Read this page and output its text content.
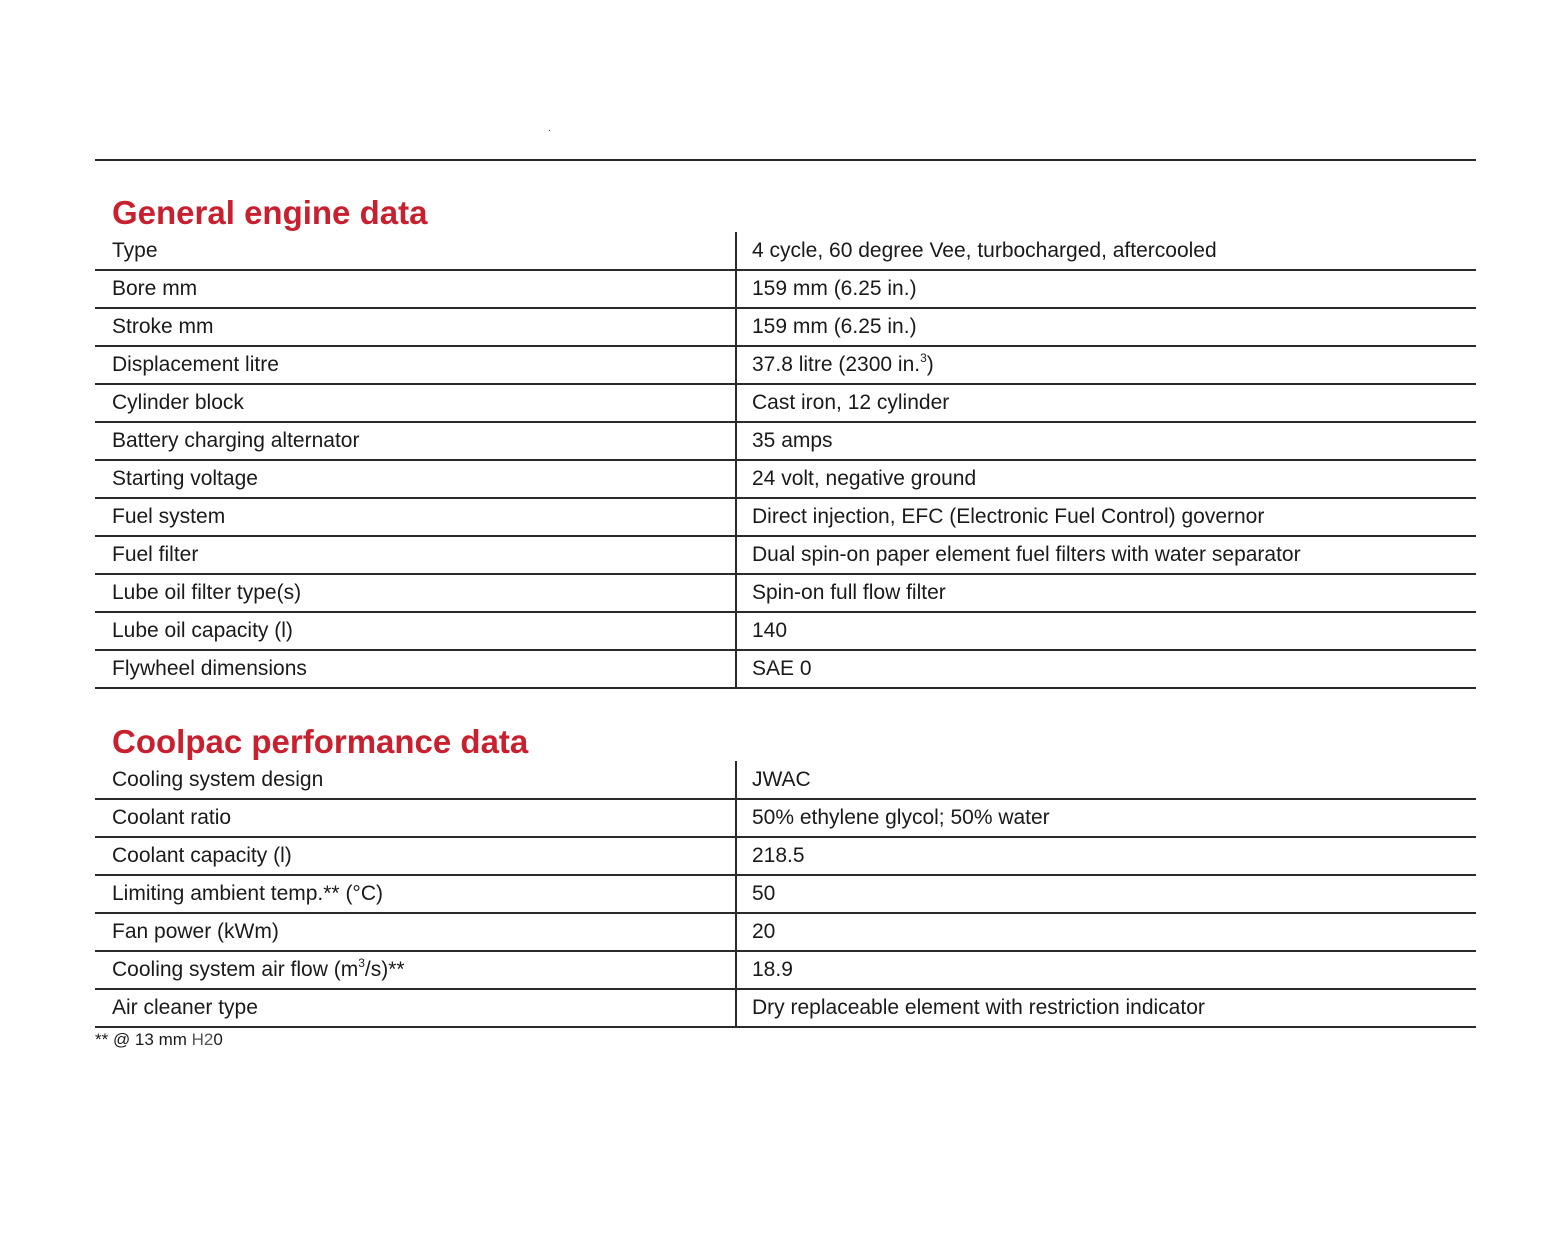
.
General engine data
Type	4 cycle, 60 degree Vee, turbocharged, aftercooled
Bore mm	159 mm (6.25 in.)
Stroke mm	159 mm (6.25 in.)
Displacement litre	37.8 litre (2300 in.$^3$)
Cylinder block	Cast iron, 12 cylinder
Battery charging alternator	35 amps
Starting voltage	24 volt, negative ground
Fuel system	Direct injection, EFC (Electronic Fuel Control) governor
Fuel filter	Dual spin-on paper element fuel filters with water separator
Lube oil filter type(s)	Spin-on full flow filter
Lube oil capacity (l)	140
Flywheel dimensions	SAE 0
Coolpac performance data
Cooling system design	JWAC
Coolant ratio	50% ethylene glycol; 50% water
Coolant capacity (l)	218.5
Limiting ambient temp.** (°C)	50
Fan power (kWm)	20
Cooling system air flow $(m^3/s)**$	18.9
Air cleaner type	Dry replaceable element with restriction indicator
** @ 13 mm H20
